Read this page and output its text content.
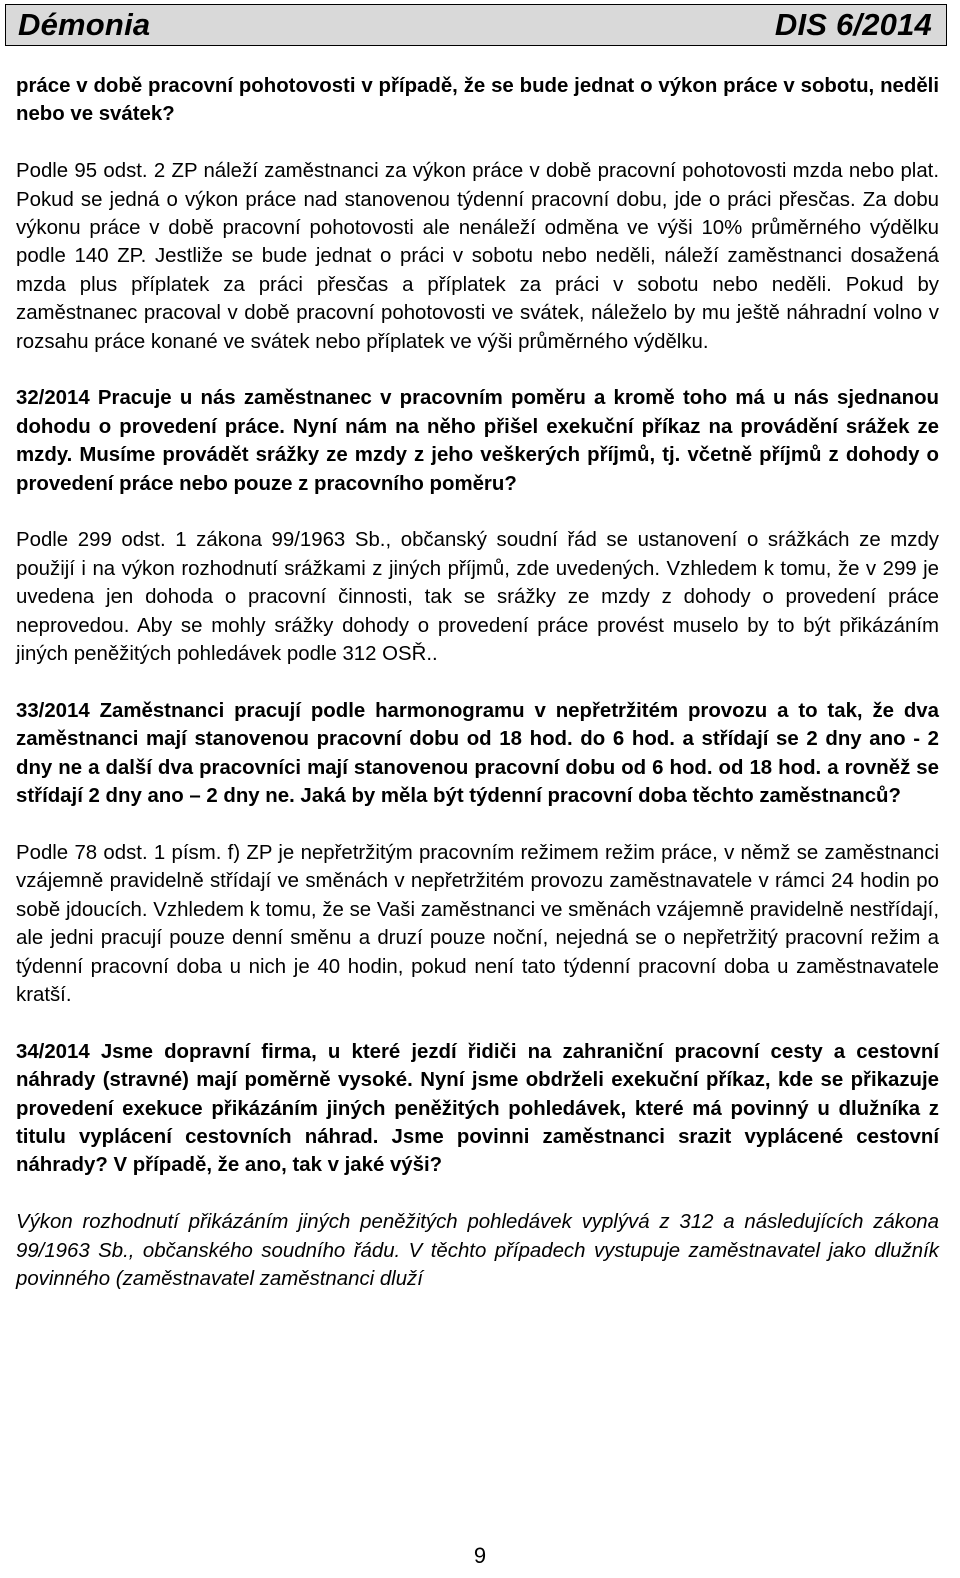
Démonia	DIS 6/2014

práce v době pracovní pohotovosti v případě, že se bude jednat o výkon práce v sobotu, neděli nebo ve svátek?

Podle 95 odst. 2 ZP náleží zaměstnanci za výkon práce v době pracovní pohotovosti mzda nebo plat. Pokud se jedná o výkon práce nad stanovenou týdenní pracovní dobu, jde o práci přesčas. Za dobu výkonu práce v době pracovní pohotovosti ale nenáleží odměna ve výši 10% průměrného výdělku podle 140 ZP. Jestliže se bude jednat o práci v sobotu nebo neděli, náleží zaměstnanci dosažená mzda plus příplatek za práci přesčas a příplatek za práci v sobotu nebo neděli. Pokud by zaměstnanec pracoval v době pracovní pohotovosti ve svátek, náleželo by mu ještě náhradní volno v rozsahu práce konané ve svátek nebo příplatek ve výši průměrného výdělku.

32/2014 Pracuje u nás zaměstnanec v pracovním poměru a kromě toho má u nás sjednanou dohodu o provedení práce. Nyní nám na něho přišel exekuční příkaz na provádění srážek ze mzdy. Musíme provádět srážky ze mzdy z jeho veškerých příjmů, tj. včetně příjmů z dohody o provedení práce nebo pouze z pracovního poměru?

Podle 299 odst. 1 zákona 99/1963 Sb., občanský soudní řád se ustanovení o srážkách ze mzdy použijí i na výkon rozhodnutí srážkami z jiných příjmů, zde uvedených. Vzhledem k tomu, že v 299 je uvedena jen dohoda o pracovní činnosti, tak se srážky ze mzdy z dohody o provedení práce neprovedou. Aby se mohly srážky dohody o provedení práce provést muselo by to být přikázáním jiných peněžitých pohledávek podle 312 OSŘ..

33/2014 Zaměstnanci pracují podle harmonogramu v nepřetržitém provozu a to tak, že dva zaměstnanci mají stanovenou pracovní dobu od 18 hod. do 6 hod. a střídají se 2 dny ano - 2 dny ne a další dva pracovníci mají stanovenou pracovní dobu od 6 hod. od 18 hod. a rovněž se střídají 2 dny ano – 2 dny ne. Jaká by měla být týdenní pracovní doba těchto zaměstnanců?

Podle 78 odst. 1 písm. f) ZP je nepřetržitým pracovním režimem režim práce, v němž se zaměstnanci vzájemně pravidelně střídají ve směnách v nepřetržitém provozu zaměstnavatele v rámci 24 hodin po sobě jdoucích. Vzhledem k tomu, že se Vaši zaměstnanci ve směnách vzájemně pravidelně nestřídají, ale jedni pracují pouze denní směnu a druzí pouze noční, nejedná se o nepřetržitý pracovní režim a týdenní pracovní doba u nich je 40 hodin, pokud není tato týdenní pracovní doba u zaměstnavatele kratší.

34/2014 Jsme dopravní firma, u které jezdí řidiči na zahraniční pracovní cesty a cestovní náhrady (stravné) mají poměrně vysoké. Nyní jsme obdrželi exekuční příkaz, kde se přikazuje provedení exekuce přikázáním jiných peněžitých pohledávek, které má povinný u dlužníka z titulu vyplácení cestovních náhrad. Jsme povinni zaměstnanci srazit vyplácené cestovní náhrady? V případě, že ano, tak v jaké výši?

Výkon rozhodnutí přikázáním jiných peněžitých pohledávek vyplývá z 312 a následujících zákona 99/1963 Sb., občanského soudního řádu. V těchto případech vystupuje zaměstnavatel jako dlužník povinného (zaměstnavatel zaměstnanci dluží

9
